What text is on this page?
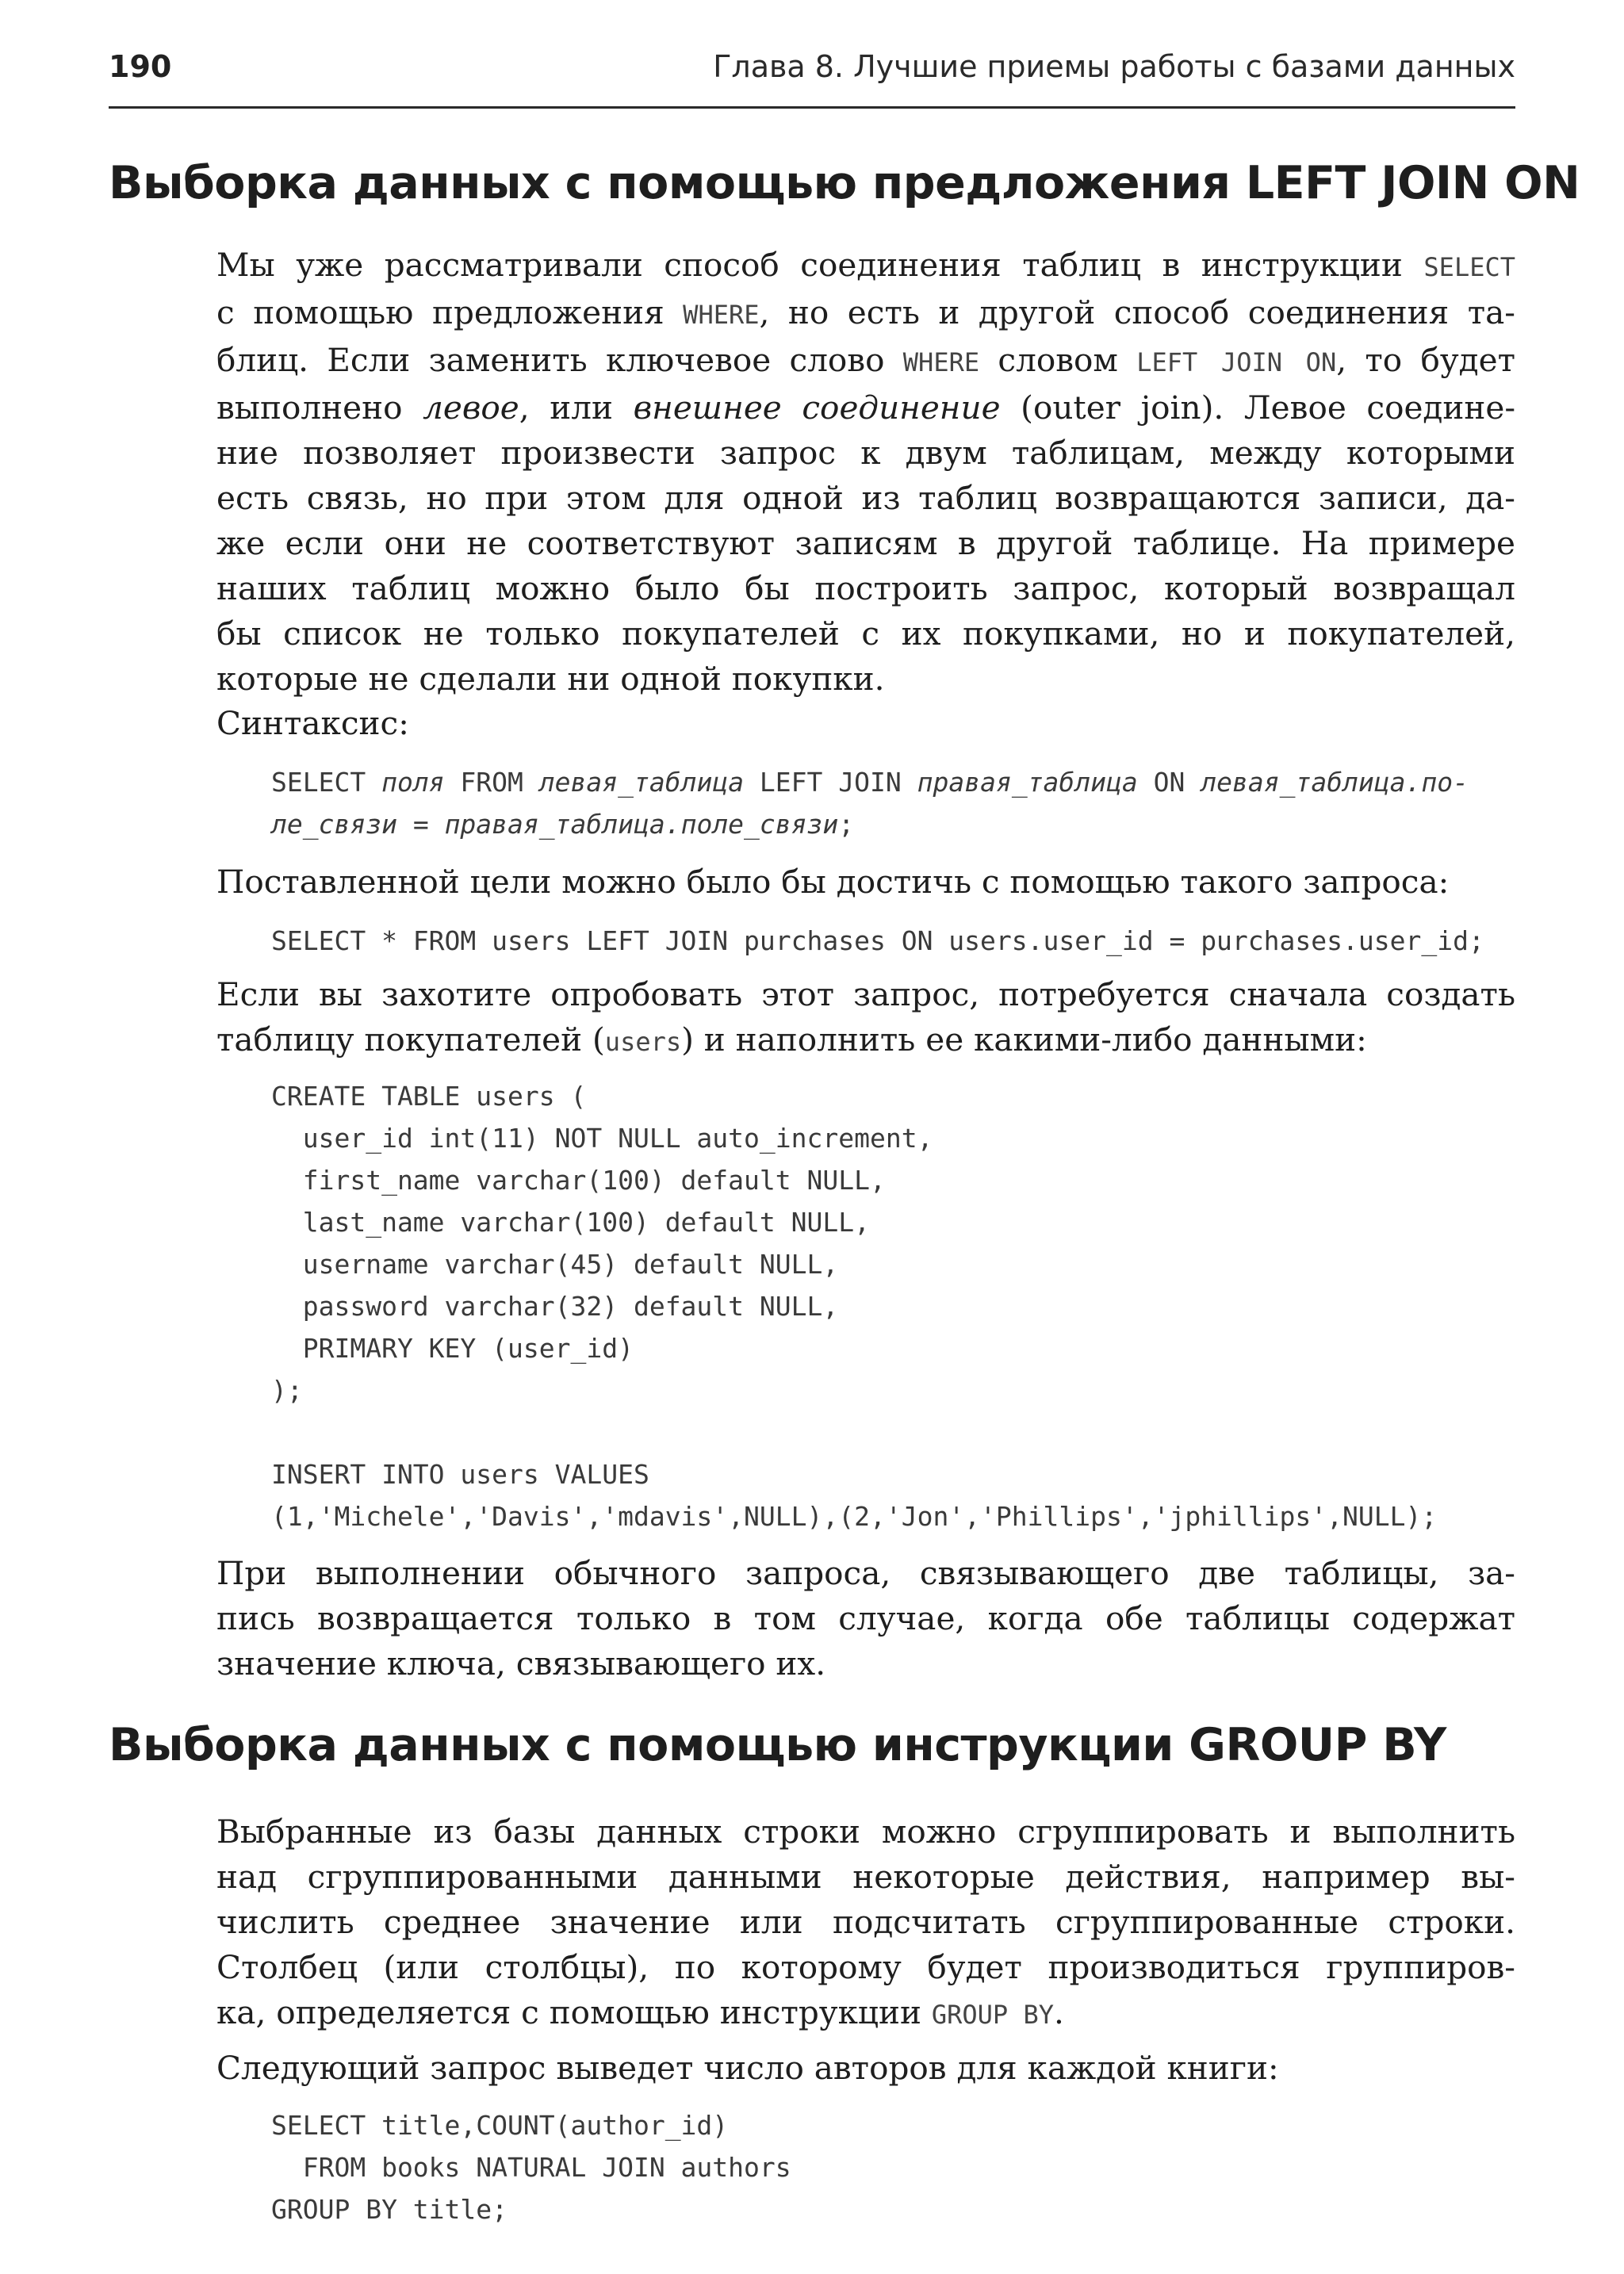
190	Глава 8. Лучшие приемы работы с базами данных
Выборка данных с помощью предложения LEFT JOIN ON

Мы уже рассматривали способ соединения таблиц в инструкции SELECT
с помощью предложения WHERE, но есть и другой способ соединения та-
блиц. Если заменить ключевое слово WHERE словом LEFT JOIN ON, то будет
выполнено левое, или внешнее соединение (outer join). Левое соедине-
ние позволяет произвести запрос к двум таблицам, между которыми
есть связь, но при этом для одной из таблиц возвращаются записи, да-
же если они не соответствуют записям в другой таблице. На примере
наших таблиц можно было бы построить запрос, который возвращал
бы список не только покупателей с их покупками, но и покупателей,
которые не сделали ни одной покупки.

Синтаксис:

SELECT поля FROM левая_таблица LEFT JOIN правая_таблица ON левая_таблица.по-
ле_связи = правая_таблица.поле_связи;

Поставленной цели можно было бы достичь с помощью такого запроса:

SELECT * FROM users LEFT JOIN purchases ON users.user_id = purchases.user_id;

Если вы захотите опробовать этот запрос, потребуется сначала создать
таблицу покупателей (users) и наполнить ее какими-либо данными:

CREATE TABLE users (
user_id int(11) NOT NULL auto_increment,
first_name varchar(100) default NULL,
last_name varchar(100) default NULL,
username varchar(45) default NULL,
password varchar(32) default NULL,
PRIMARY KEY (user_id)
);

INSERT INTO users VALUES
(1,'Michele','Davis','mdavis',NULL),(2,'Jon','Phillips','jphillips',NULL);

При выполнении обычного запроса, связывающего две таблицы, за-
пись возвращается только в том случае, когда обе таблицы содержат
значение ключа, связывающего их.

Выборка данных с помощью инструкции GROUP BY

Выбранные из базы данных строки можно сгруппировать и выполнить
над сгруппированными данными некоторые действия, например вы-
числить среднее значение или подсчитать сгруппированные строки.
Столбец (или столбцы), по которому будет производиться группиров-
ка, определяется с помощью инструкции GROUP BY.

Следующий запрос выведет число авторов для каждой книги:

SELECT title,COUNT(author_id)
FROM books NATURAL JOIN authors
GROUP BY title;
